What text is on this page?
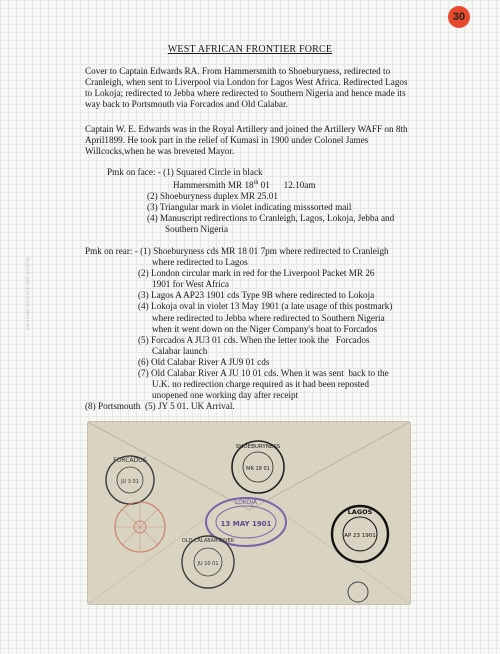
30
CARD MADE FROM ACID-FREE MATERIAL
WEST AFRICAN FRONTIER FORCE
Cover to Captain Edwards RA. From Hammersmith to Shoeburyness, redirected to Cranleigh, when sent to Liverpool via London for Lagos West Africa. Redirected Lagos to Lokoja; redirected to Jebba where redirected to Southern Nigeria and hence made its way back to Portsmouth via Forcados and Old Calabar.
Captain W. E. Edwards was in the Royal Artillery and joined the Artillery WAFF on 8th April1899. He took part in the relief of Kumasi in 1900 under Colonel James Willcocks,when he was breveted Mayor.
Pmk on face: - (1) Squared Circle in black
Hammersmith MR 18th 01      12.10am
(2) Shoeburyness duplex MR 25.01
(3) Triangular mark in violet indicating misssorted mail
(4) Manuscript redirections to Cranleigh, Lagos, Lokoja, Jebba and
Southern Nigeria
Pmk on rear: - (1) Shoeburyness cds MR 18 01 7pm where redirected to Cranleigh
where redirected to Lagos
(2) London circular mark in red for the Liverpool Packet MR 26
1901 for West Africa
(3) Lagos A AP23 1901 cds Type 9B where redirected to Lokoja
(4) Lokoja oval in violet 13 May 1901 (a late usage of this postmark)
where redirected to Jebba where redirected to Southern Nigeria
when it went down on the Niger Company's boat to Forcados
(5) Forcados A JU3 01 cds. When the letter took the   Forcados
Calabar launch
(6) Old Calabar River A JU9 01 cds
(7) Old Calabar River A JU 10 01 cds. When it was sent  back to the
U.K. no redirection charge required as it had been reposted
unopened one working day after receipt
(8) Portsmouth  (5) JY 5 01. UK Arrival.
FORCADOS
JU 3 01
SHOEBURYNESS
MR 18 01
LOKOJA
13 MAY 1901
LAGOS
AP 23 1901
OLD CALABAR RIVER
JU 10 01
